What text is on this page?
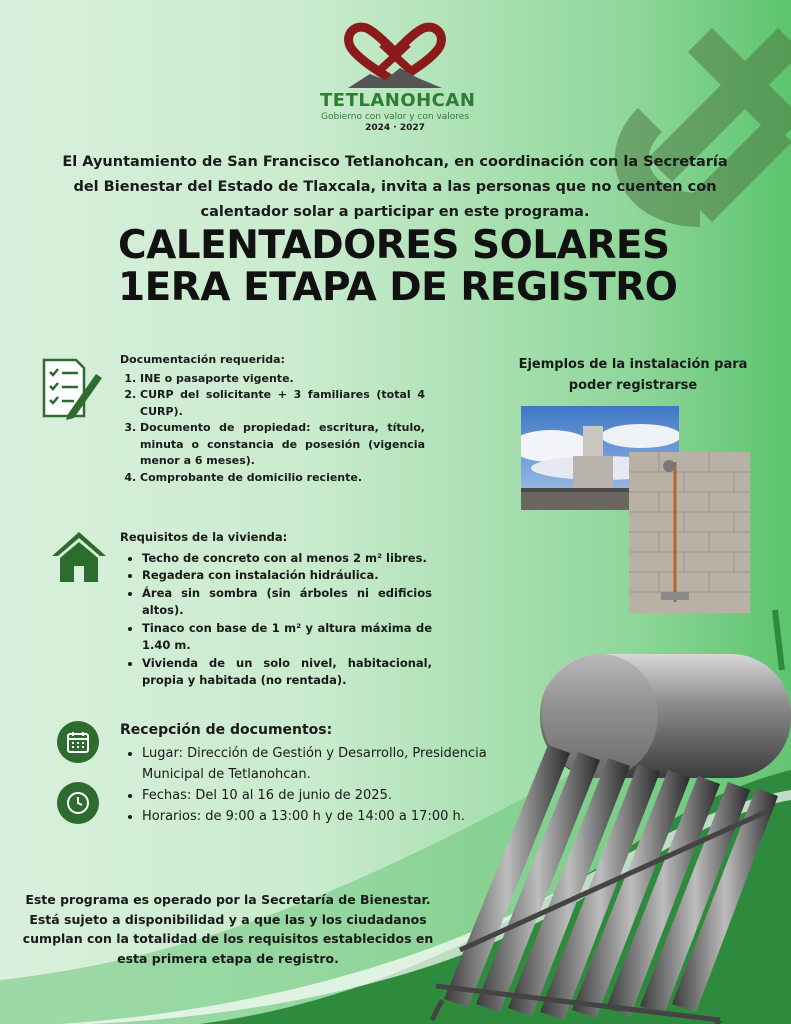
TETLANOHCAN
Gobierno con valor y con valores
2024 · 2027
El Ayuntamiento de San Francisco Tetlanohcan, en coordinación con la Secretaría del Bienestar del Estado de Tlaxcala, invita a las personas que no cuenten con calentador solar a participar en este programa.
CALENTADORES SOLARES
1ERA ETAPA DE REGISTRO
Documentación requerida:
1. INE o pasaporte vigente.
2. CURP del solicitante + 3 familiares (total 4 CURP).
3. Documento de propiedad: escritura, título, minuta o constancia de posesión (vigencia menor a 6 meses).
4. Comprobante de domicilio reciente.
Requisitos de la vivienda:
• Techo de concreto con al menos 2 m² libres.
• Regadera con instalación hidráulica.
• Área sin sombra (sin árboles ni edificios altos).
• Tinaco con base de 1 m² y altura máxima de 1.40 m.
• Vivienda de un solo nivel, habitacional, propia y habitada (no rentada).
Recepción de documentos:
• Lugar: Dirección de Gestión y Desarrollo, Presidencia Municipal de Tetlanohcan.
• Fechas: Del 10 al 16 de junio de 2025.
• Horarios: de 9:00 a 13:00 h y de 14:00 a 17:00 h.
Ejemplos de la instalación para poder registrarse
Este programa es operado por la Secretaría de Bienestar. Está sujeto a disponibilidad y a que las y los ciudadanos cumplan con la totalidad de los requisitos establecidos en esta primera etapa de registro.
